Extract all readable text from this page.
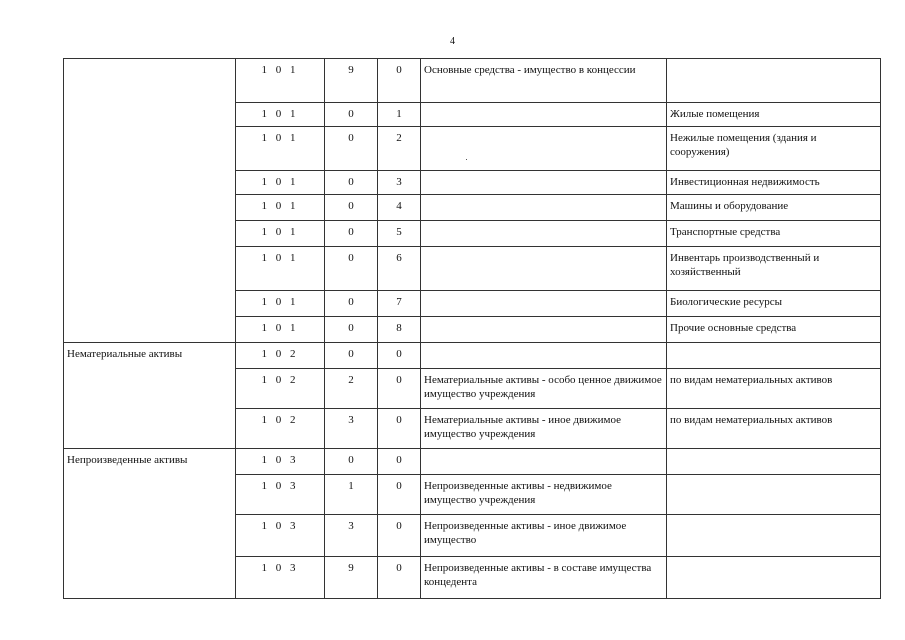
4
	1 0 1	9	0	Основные средства - имущество в концессии	
	1 0 1	0	1		Жилые помещения
	1 0 1	0	2		Нежилые помещения (здания и сооружения)
	1 0 1	0	3		Инвестиционная недвижимость
	1 0 1	0	4		Машины и оборудование
	1 0 1	0	5		Транспортные средства
	1 0 1	0	6		Инвентарь производственный и хозяйственный
	1 0 1	0	7		Биологические ресурсы
	1 0 1	0	8		Прочие основные средства
Нематериальные активы	1 0 2	0	0		
	1 0 2	2	0	Нематериальные активы - особо ценное движимое имущество учреждения	по видам нематериальных активов
	1 0 2	3	0	Нематериальные активы - иное движимое имущество учреждения	по видам нематериальных активов
Непроизведенные активы	1 0 3	0	0		
	1 0 3	1	0	Непроизведенные активы - недвижимое имущество учреждения	
	1 0 3	3	0	Непроизведенные активы - иное движимое имущество	
	1 0 3	9	0	Непроизведенные активы - в составе имущества концедента	
